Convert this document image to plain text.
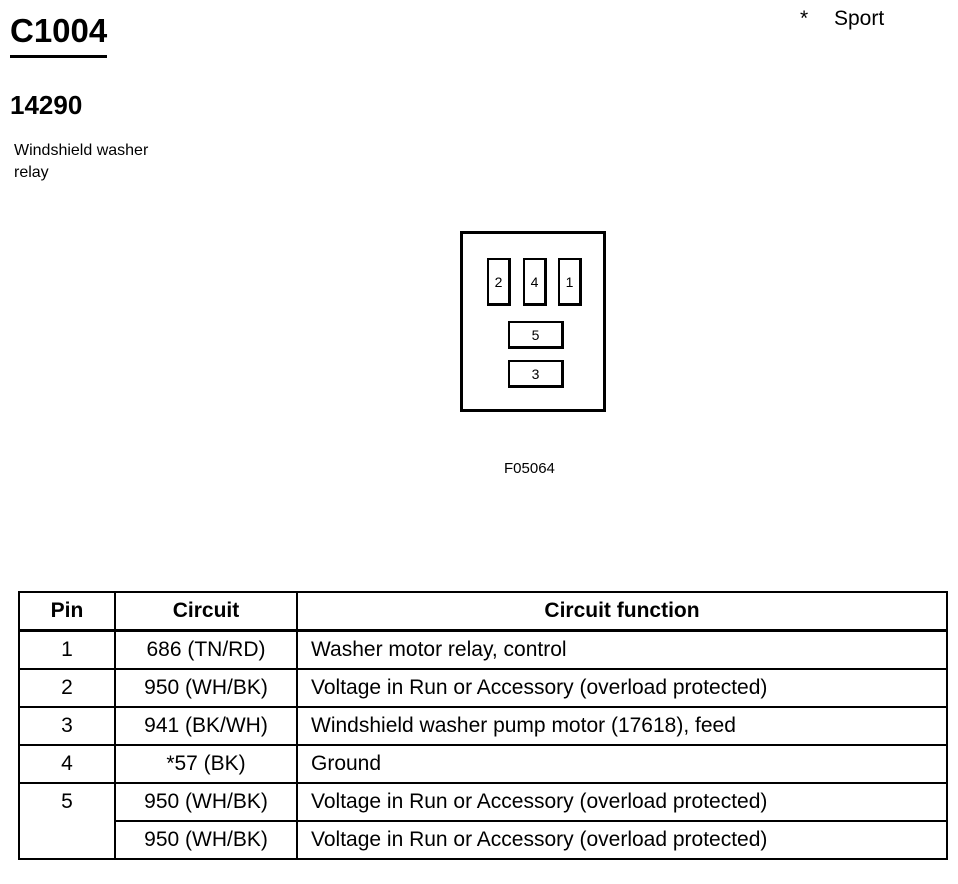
C1004	* Sport
14290
Windshield washer relay
2	4	1
5
3
F05064
Pin	Circuit	Circuit function
1	686 (TN/RD)	Washer motor relay, control
2	950 (WH/BK)	Voltage in Run or Accessory (overload protected)
3	941 (BK/WH)	Windshield washer pump motor (17618), feed
4	*57 (BK)	Ground
5	950 (WH/BK)	Voltage in Run or Accessory (overload protected)
	950 (WH/BK)	Voltage in Run or Accessory (overload protected)
